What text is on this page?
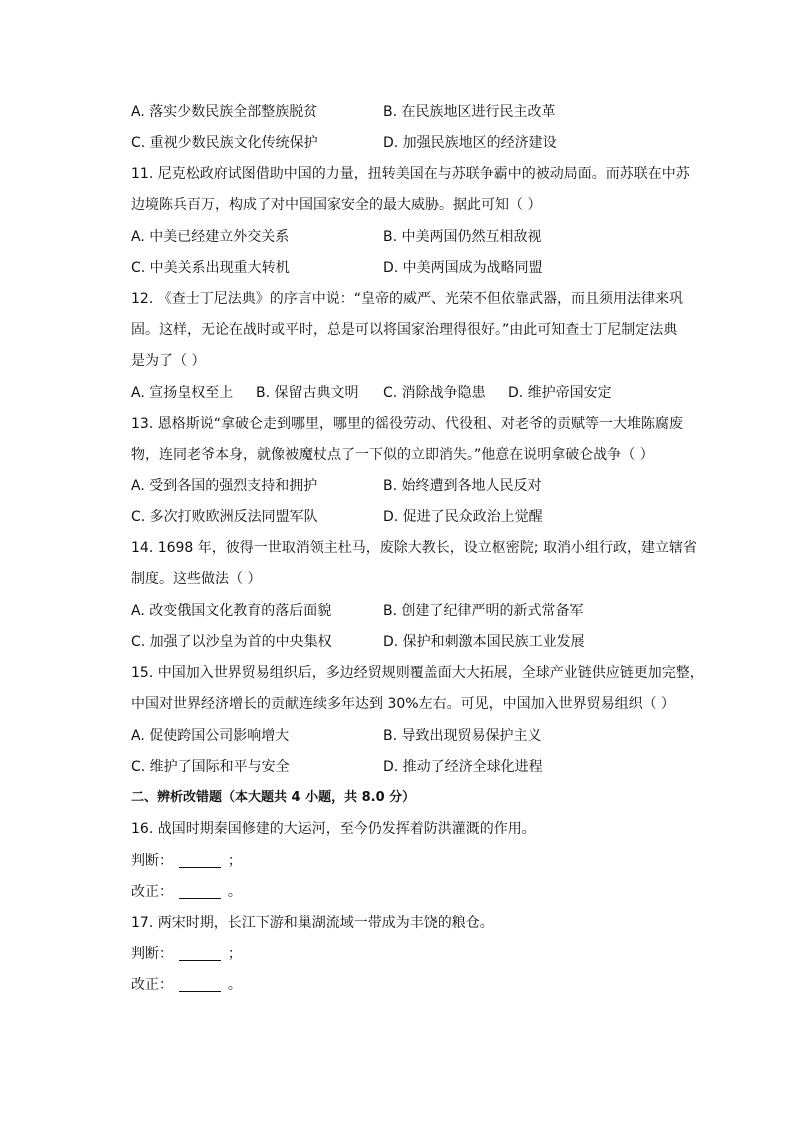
A. 落实少数民族全部整族脱贫	B. 在民族地区进行民主改革
C. 重视少数民族文化传统保护	D. 加强民族地区的经济建设
11. 尼克松政府试图借助中国的力量，扭转美国在与苏联争霸中的被动局面。而苏联在中苏
边境陈兵百万，构成了对中国国家安全的最大威胁。据此可知（ ）
A. 中美已经建立外交关系	B. 中美两国仍然互相敌视
C. 中美关系出现重大转机	D. 中美两国成为战略同盟
12. 《查士丁尼法典》的序言中说：“皇帝的威严、光荣不但依靠武器，而且须用法律来巩
固。这样，无论在战时或平时，总是可以将国家治理得很好。”由此可知查士丁尼制定法典
是为了（ ）
A. 宣扬皇权至上 B. 保留古典文明 C. 消除战争隐患 D. 维护帝国安定
13. 恩格斯说“拿破仑走到哪里，哪里的徭役劳动、代役租、对老爷的贡赋等一大堆陈腐废
物，连同老爷本身，就像被魔杖点了一下似的立即消失。”他意在说明拿破仑战争（ ）
A. 受到各国的强烈支持和拥护	B. 始终遭到各地人民反对
C. 多次打败欧洲反法同盟军队	D. 促进了民众政治上觉醒
14. 1698 年，彼得一世取消领主杜马，废除大教长，设立枢密院; 取消小组行政，建立辖省
制度。这些做法（ ）
A. 改变俄国文化教育的落后面貌	B. 创建了纪律严明的新式常备军
C. 加强了以沙皇为首的中央集权	D. 保护和刺激本国民族工业发展
15. 中国加入世界贸易组织后，多边经贸规则覆盖面大大拓展，全球产业链供应链更加完整，
中国对世界经济增长的贡献连续多年达到 30%左右。可见，中国加入世界贸易组织（ ）
A. 促使跨国公司影响增大	B. 导致出现贸易保护主义
C. 维护了国际和平与安全	D. 推动了经济全球化进程
二、辨析改错题（本大题共 4 小题，共 8.0 分）
16. 战国时期秦国修建的大运河，至今仍发挥着防洪灌溉的作用。
判断：	；
改正：	。
17. 两宋时期，长江下游和巢湖流域一带成为丰饶的粮仓。
判断：	；
改正：	。
